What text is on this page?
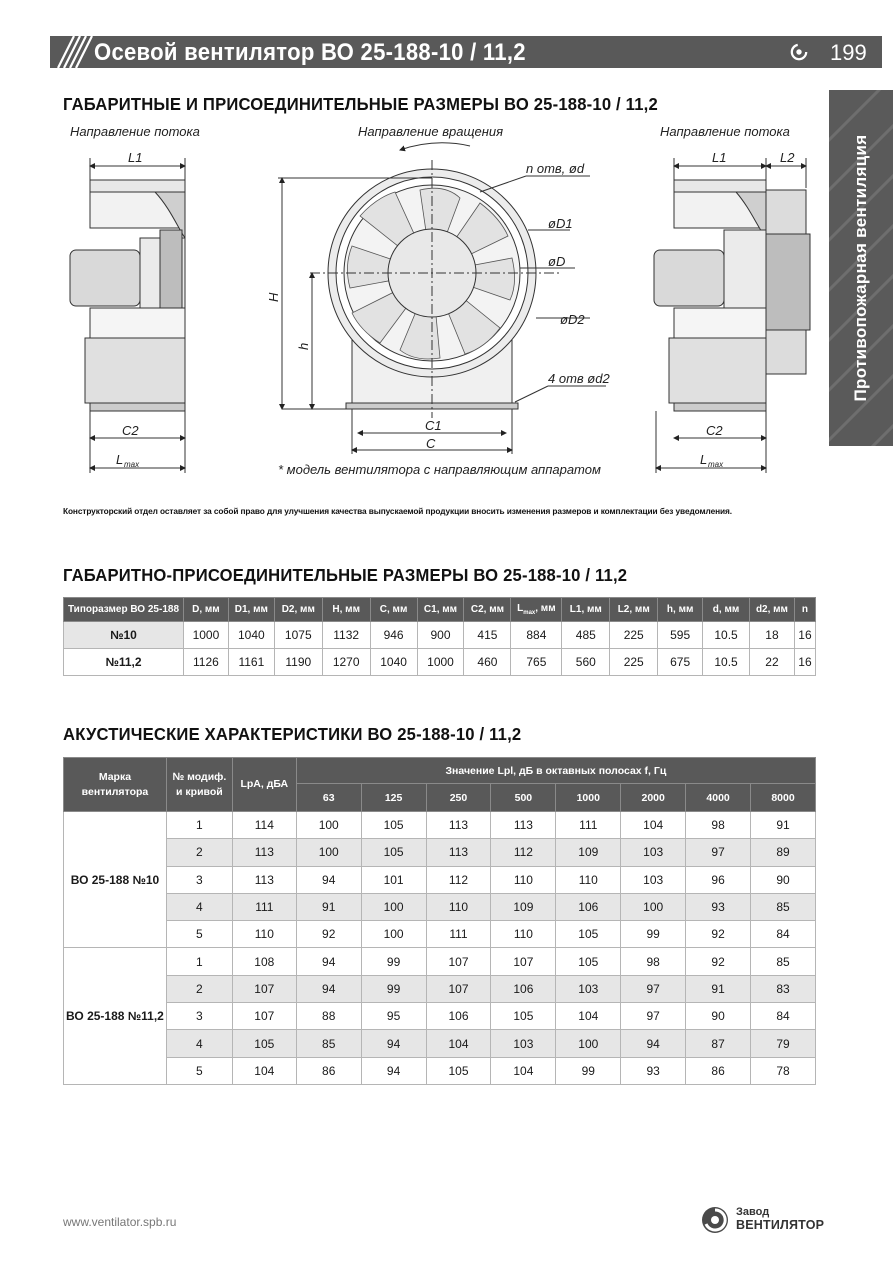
Осевой вентилятор ВО 25-188-10 / 11,2	199
Противопожарная вентиляция
ГАБАРИТНЫЕ И ПРИСОЕДИНИТЕЛЬНЫЕ РАЗМЕРЫ ВО 25-188-10 / 11,2
Направление потока
L1
C2
L max
Направление вращения
H
h
n отв, ød
øD1
øD
øD2
4 отв ød2
C1
C
* модель вентилятора с направляющим аппаратом
Направление потока
L1	L2
C2
L max
Конструкторский отдел оставляет за собой право для улучшения качества выпускаемой продукции вносить изменения размеров и комплектации без уведомления.
ГАБАРИТНО-ПРИСОЕДИНИТЕЛЬНЫЕ РАЗМЕРЫ ВО 25-188-10 / 11,2
Типоразмер ВО 25-188	D, мм	D1, мм	D2, мм	H, мм	C, мм	C1, мм	C2, мм	$L_{max}$, мм	L1, мм	L2, мм	h, мм	d, мм	d2, мм	n
№10	1000	1040	1075	1132	946	900	415	884	485	225	595	10.5	18	16
№11,2	1126	1161	1190	1270	1040	1000	460	765	560	225	675	10.5	22	16
АКУСТИЧЕСКИЕ ХАРАКТЕРИСТИКИ ВО 25-188-10 / 11,2
Марка вентилятора	№ модиф. и кривой	LpA, дБА	Значение Lpl, дБ в октавных полосах f, Гц							
			63	125	250	500	1000	2000	4000	8000
ВО 25-188 №10	1	114	100	105	113	113	111	104	98	91
	2	113	100	105	113	112	109	103	97	89
	3	113	94	101	112	110	110	103	96	90
	4	111	91	100	110	109	106	100	93	85
	5	110	92	100	111	110	105	99	92	84
ВО 25-188 №11,2	1	108	94	99	107	107	105	98	92	85
	2	107	94	99	107	106	103	97	91	83
	3	107	88	95	106	105	104	97	90	84
	4	105	85	94	104	103	100	94	87	79
	5	104	86	94	105	104	99	93	86	78
www.ventilator.spb.ru
Завод
ВЕНТИЛЯТОР
